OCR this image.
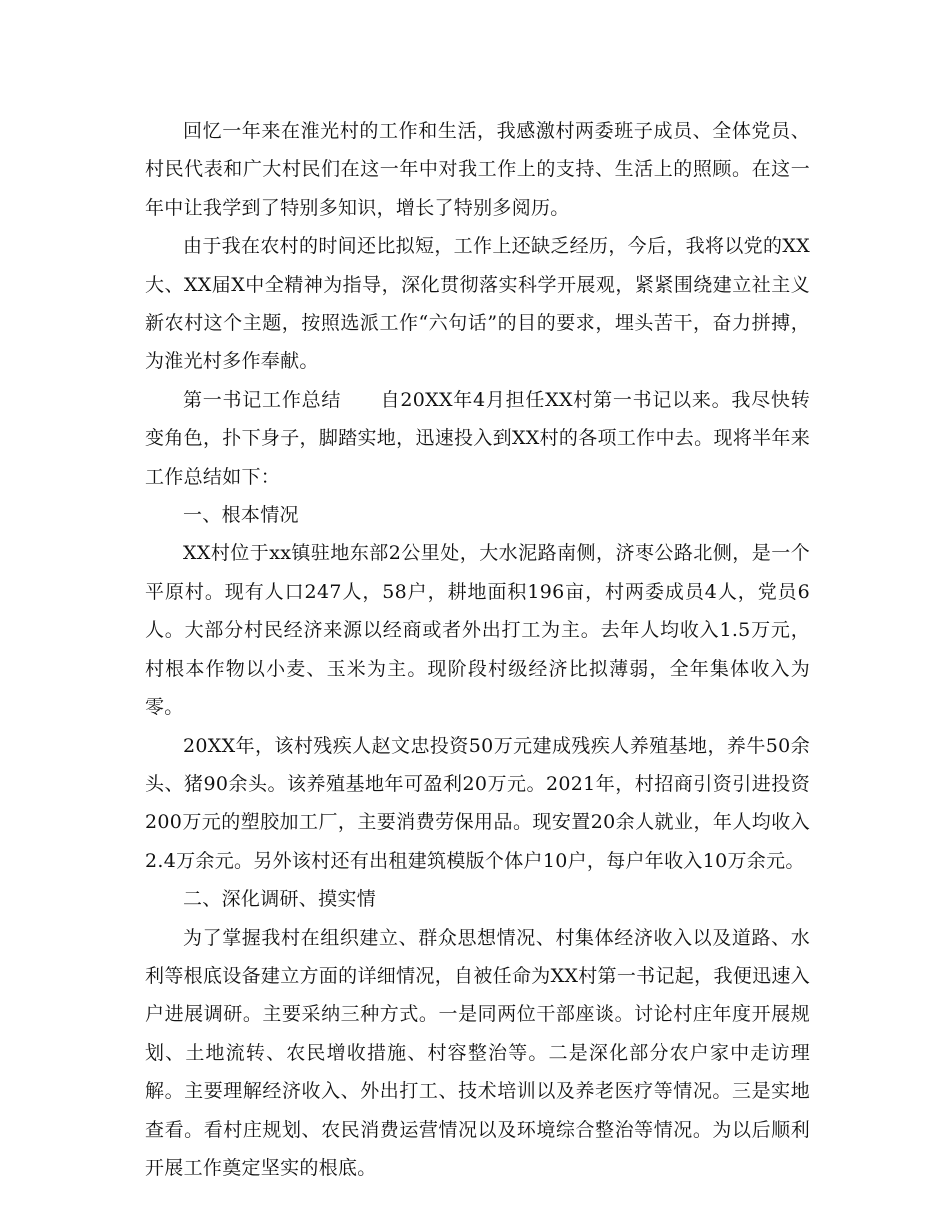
回忆一年来在淮光村的工作和生活，我感激村两委班子成员、全体党员、村民代表和广大村民们在这一年中对我工作上的支持、生活上的照顾。在这一年中让我学到了特别多知识，增长了特别多阅历。

由于我在农村的时间还比拟短，工作上还缺乏经历，今后，我将以党的XX大、XX届X中全精神为指导，深化贯彻落实科学开展观，紧紧围绕建立社主义新农村这个主题，按照选派工作“六句话”的目的要求，埋头苦干，奋力拼搏，为淮光村多作奉献。

第一书记工作总结　　自20XX年4月担任XX村第一书记以来。我尽快转变角色，扑下身子，脚踏实地，迅速投入到XX村的各项工作中去。现将半年来工作总结如下：

一、根本情况

XX村位于xx镇驻地东部2公里处，大水泥路南侧，济枣公路北侧，是一个平原村。现有人口247人，58户，耕地面积196亩，村两委成员4人，党员6人。大部分村民经济来源以经商或者外出打工为主。去年人均收入1.5万元，村根本作物以小麦、玉米为主。现阶段村级经济比拟薄弱，全年集体收入为零。

20XX年，该村残疾人赵文忠投资50万元建成残疾人养殖基地，养牛50余头、猪90余头。该养殖基地年可盈利20万元。2021年，村招商引资引进投资200万元的塑胶加工厂，主要消费劳保用品。现安置20余人就业，年人均收入2.4万余元。另外该村还有出租建筑模版个体户10户，每户年收入10万余元。

二、深化调研、摸实情

为了掌握我村在组织建立、群众思想情况、村集体经济收入以及道路、水利等根底设备建立方面的详细情况，自被任命为XX村第一书记起，我便迅速入户进展调研。主要采纳三种方式。一是同两位干部座谈。讨论村庄年度开展规划、土地流转、农民增收措施、村容整治等。二是深化部分农户家中走访理解。主要理解经济收入、外出打工、技术培训以及养老医疗等情况。三是实地查看。看村庄规划、农民消费运营情况以及环境综合整治等情况。为以后顺利开展工作奠定坚实的根底。
